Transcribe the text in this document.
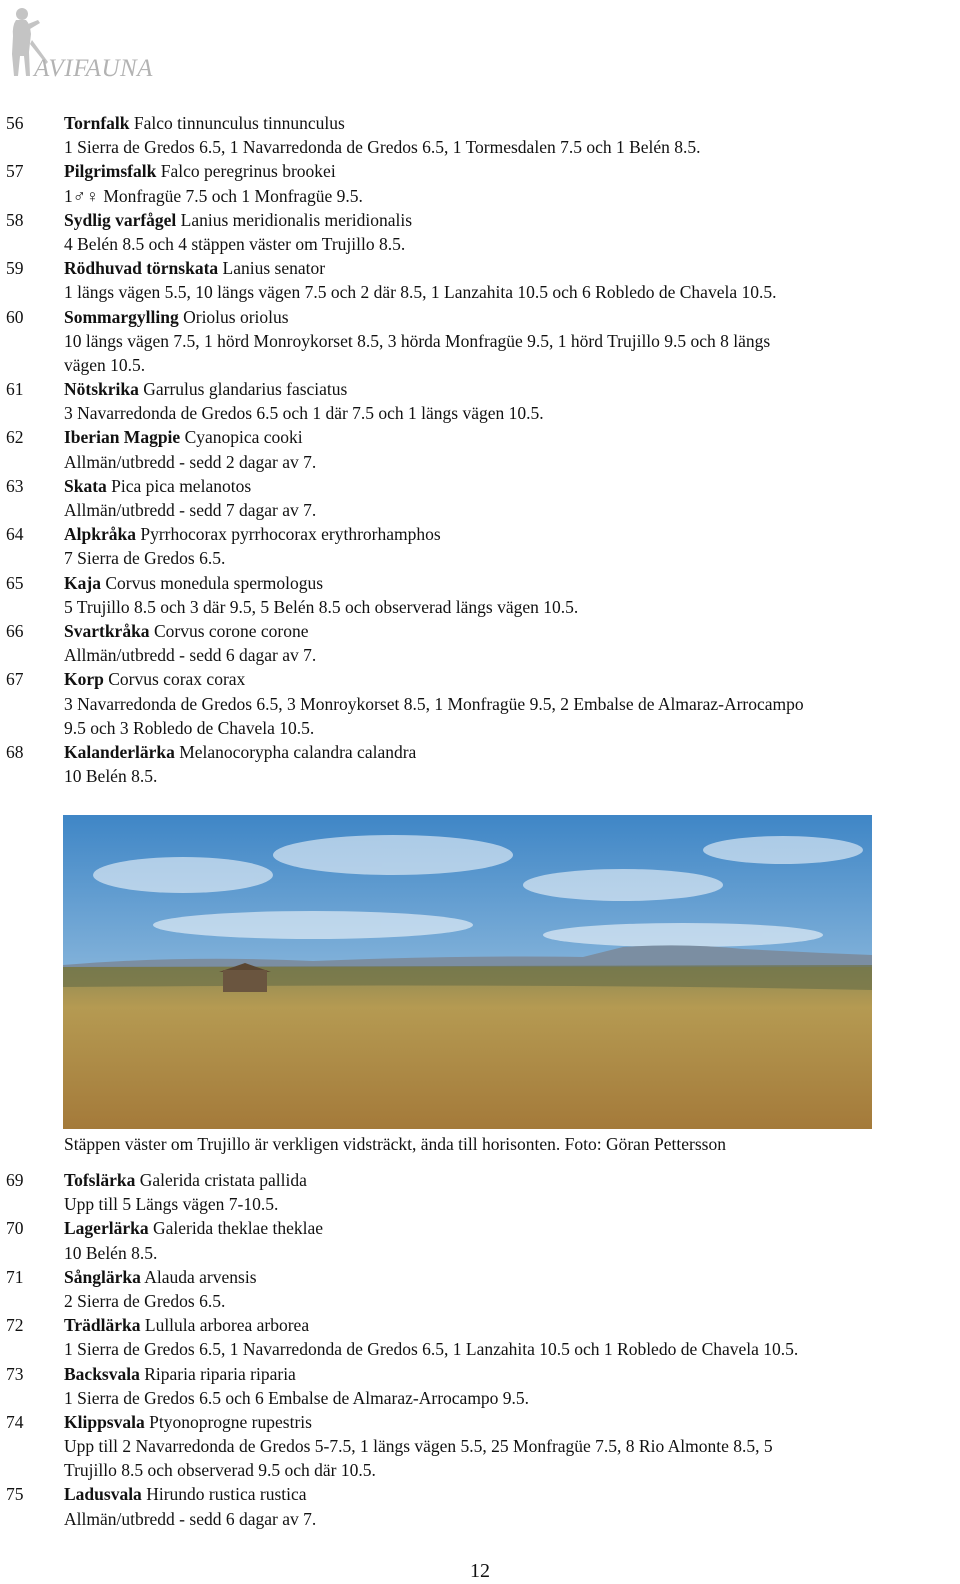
AVIFAUNA
56 Tornfalk Falco tinnunculus tinnunculus
1 Sierra de Gredos 6.5, 1 Navarredonda de Gredos 6.5, 1 Tormesdalen 7.5 och 1 Belén 8.5.
57 Pilgrimsfalk Falco peregrinus brookei
1♂♀ Monfragüe 7.5 och 1 Monfragüe 9.5.
58 Sydlig varfågel Lanius meridionalis meridionalis
4 Belén 8.5 och 4 stäppen väster om Trujillo 8.5.
59 Rödhuvad törnskata Lanius senator
1 längs vägen 5.5, 10 längs vägen 7.5 och 2 där 8.5, 1 Lanzahita 10.5 och 6 Robledo de Chavela 10.5.
60 Sommargylling Oriolus oriolus
10 längs vägen 7.5, 1 hörd Monroykorset 8.5, 3 hörda Monfragüe 9.5, 1 hörd Trujillo 9.5 och 8 längs
vägen 10.5.
61 Nötskrika Garrulus glandarius fasciatus
3 Navarredonda de Gredos 6.5 och 1 där 7.5 och 1 längs vägen 10.5.
62 Iberian Magpie Cyanopica cooki
Allmän/utbredd - sedd 2 dagar av 7.
63 Skata Pica pica melanotos
Allmän/utbredd - sedd 7 dagar av 7.
64 Alpkråka Pyrrhocorax pyrrhocorax erythrorhamphos
7 Sierra de Gredos 6.5.
65 Kaja Corvus monedula spermologus
5 Trujillo 8.5 och 3 där 9.5, 5 Belén 8.5 och observerad längs vägen 10.5.
66 Svartkråka Corvus corone corone
Allmän/utbredd - sedd 6 dagar av 7.
67 Korp Corvus corax corax
3 Navarredonda de Gredos 6.5, 3 Monroykorset 8.5, 1 Monfragüe 9.5, 2 Embalse de Almaraz-Arrocampo
9.5 och 3 Robledo de Chavela 10.5.
68 Kalanderlärka Melanocorypha calandra calandra
10 Belén 8.5.
Stäppen väster om Trujillo är verkligen vidsträckt, ända till horisonten. Foto: Göran Pettersson
69 Tofslärka Galerida cristata pallida
Upp till 5 Längs vägen 7-10.5.
70 Lagerlärka Galerida theklae theklae
10 Belén 8.5.
71 Sånglärka Alauda arvensis
2 Sierra de Gredos 6.5.
72 Trädlärka Lullula arborea arborea
1 Sierra de Gredos 6.5, 1 Navarredonda de Gredos 6.5, 1 Lanzahita 10.5 och 1 Robledo de Chavela 10.5.
73 Backsvala Riparia riparia riparia
1 Sierra de Gredos 6.5 och 6 Embalse de Almaraz-Arrocampo 9.5.
74 Klippsvala Ptyonoprogne rupestris
Upp till 2 Navarredonda de Gredos 5-7.5, 1 längs vägen 5.5, 25 Monfragüe 7.5, 8 Rio Almonte 8.5, 5
Trujillo 8.5 och observerad 9.5 och där 10.5.
75 Ladusvala Hirundo rustica rustica
Allmän/utbredd - sedd 6 dagar av 7.
12
